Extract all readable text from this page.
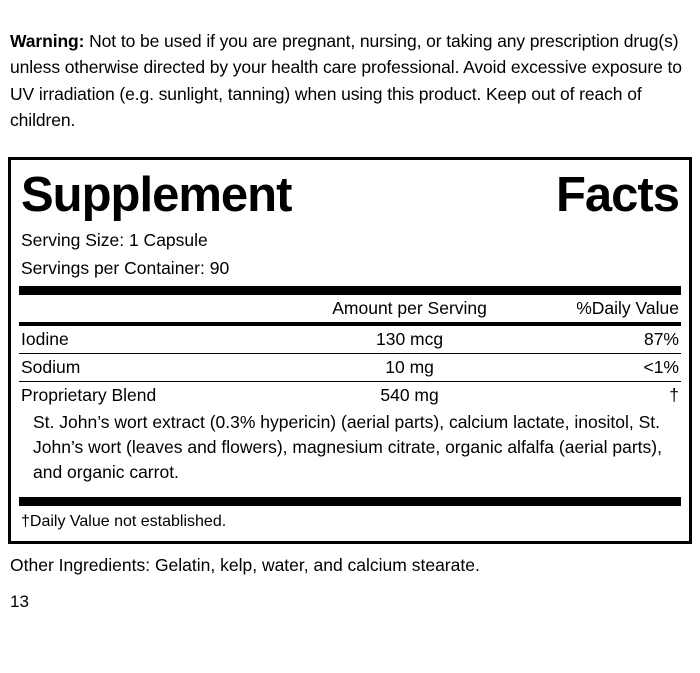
Warning: Not to be used if you are pregnant, nursing, or taking any prescription drug(s) unless otherwise directed by your health care professional. Avoid excessive exposure to UV irradiation (e.g. sunlight, tanning) when using this product. Keep out of reach of children.

Supplement	Facts
Serving Size: 1 Capsule
Servings per Container: 90
	Amount per Serving	%Daily Value
Iodine	130 mcg	87%
Sodium	10 mg	<1%
Proprietary Blend	540 mg	†
St. John’s wort extract (0.3% hypericin) (aerial parts), calcium lactate, inositol, St. John’s wort (leaves and flowers), magnesium citrate, organic alfalfa (aerial parts), and organic carrot.
†Daily Value not established.
Other Ingredients: Gelatin, kelp, water, and calcium stearate.
13
